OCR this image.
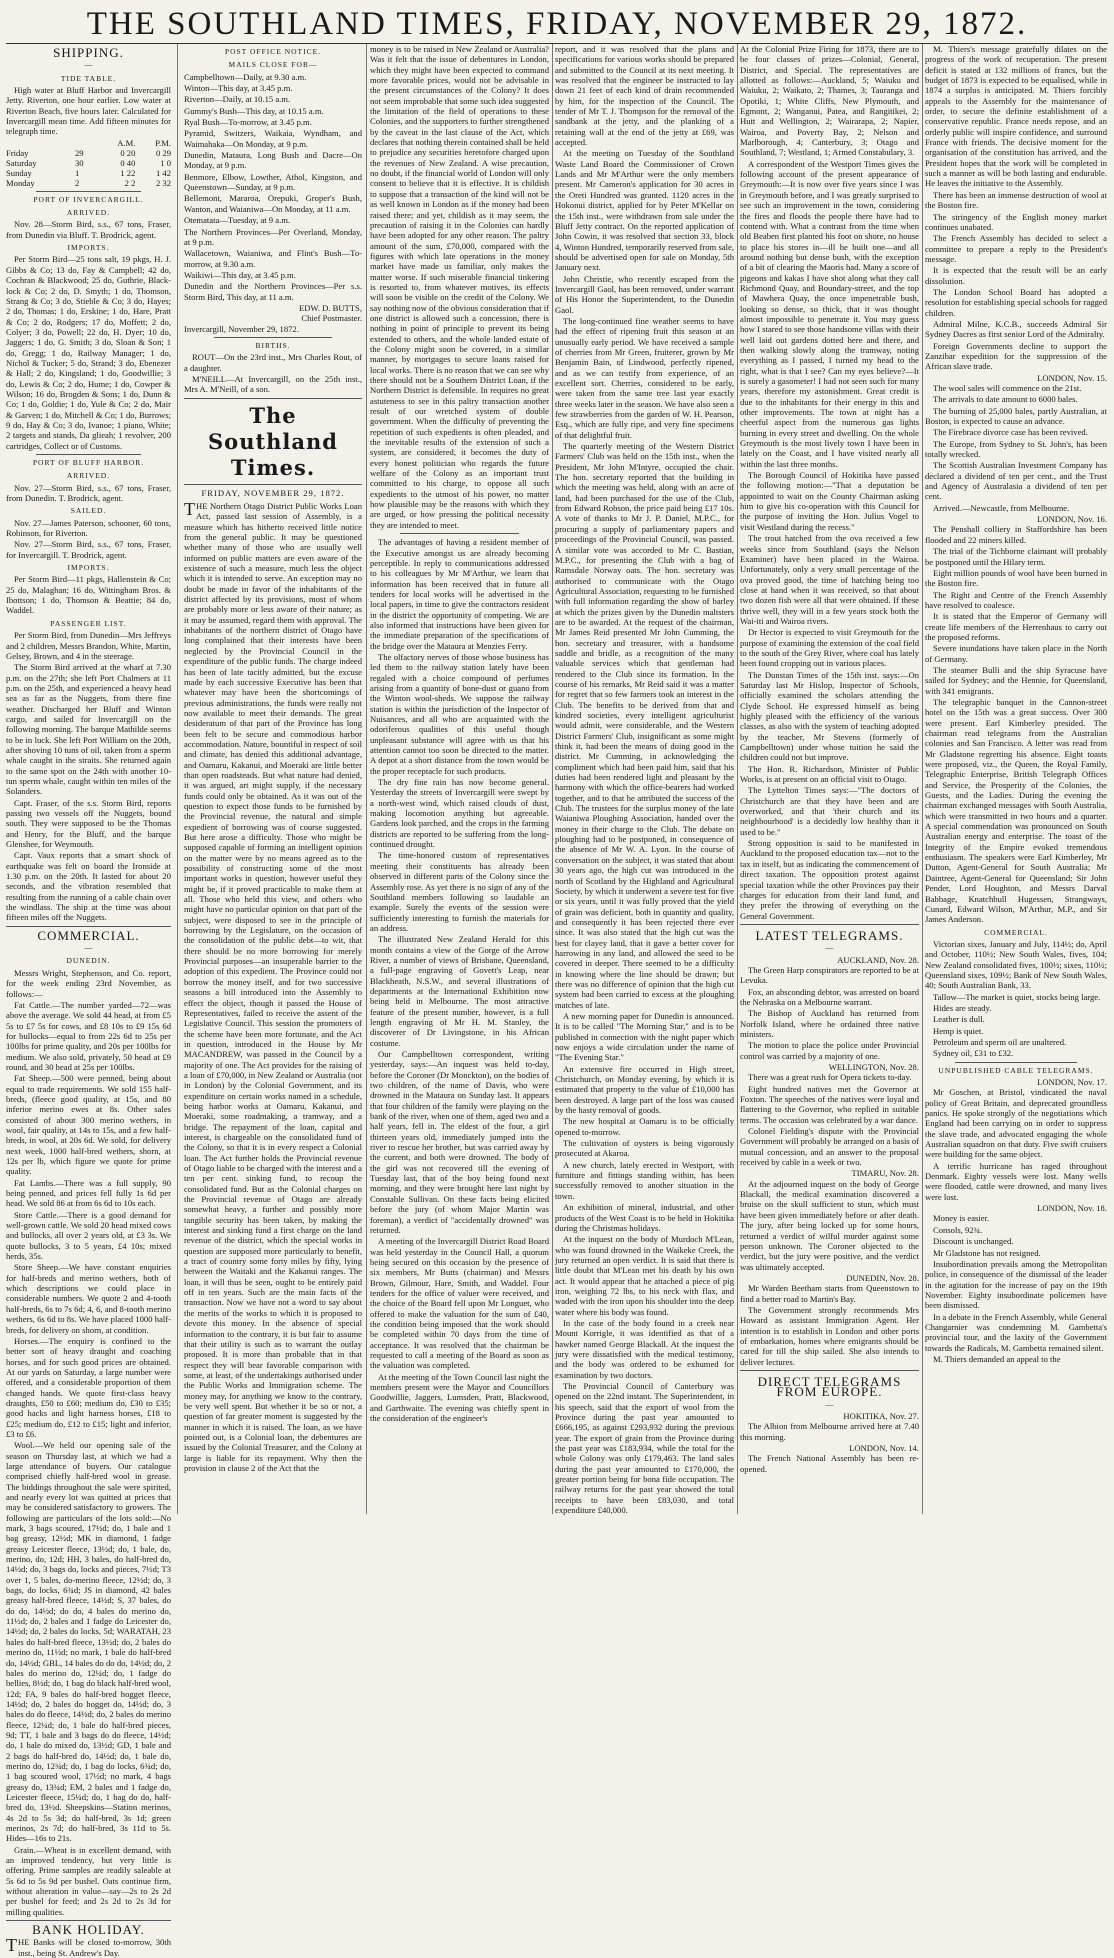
THE SOUTHLAND TIMES, FRIDAY, NOVEMBER 29, 1872.
SHIPPING.
—
TIDE TABLE.

High water at Bluff Harbor and Invercargill Jetty. Riverton, one hour earlier. Low water at Riverton Beach, five hours later. Calculated for Invercargill mean time. Add fifteen minutes for telegraph time.

		A.M.	P.M.
Friday	29	0 20	0 29
Saturday	30	0 40	1 0
Sunday	1	1 22	1 42
Monday	2	2 2	2 32
PORT OF INVERCARGILL.
ARRIVED.

Nov. 28—Storm Bird, s.s., 67 tons, Fraser, from Dunedin via Bluff. T. Brodrick, agent.

IMPORTS.

Per Storm Bird—25 tons salt, 19 pkgs, H. J. Gibbs & Co; 13 do, Fay & Campbell; 42 do, Cochran & Blackwood; 25 do, Guthrie, Black-lock & Co; 2 do, D. Smyth; 1 do, Thomson, Strang & Co; 3 do, Stieble & Co; 3 do, Hayes; 2 do, Thomas; 1 do, Erskine; 1 do, Hare, Pratt & Co; 2 do, Rodgers; 17 do, Moffett; 2 do, Colyer; 3 do, Powell; 22 do, H. Dyer; 10 do, Jaggers; 1 do, G. Smith; 3 do, Sloan & Son; 1 do, Gregg; 1 do, Railway Manager; 1 do, Nichol & Tucker; 5 do, Strand; 3 do, Ebenezer & Hall; 2 do, Kingsland; 1 do, Goodwillie; 3 do, Lewis & Co; 2 do, Hume; 1 do, Cowper & Wilson; 16 do, Brogden & Sons; 1 do, Dunn & Co; 1 do, Goldie; 1 do, Yule & Co; 2 do, Mair & Garven; 1 do, Mitchell & Co; 1 do, Burrows; 9 do, Hay & Co; 3 do, Ivanoe; 1 piano, White; 2 targets and stands, Da glieah; 1 revolver, 200 cartridges, Collect or of Customs.

PORT OF BLUFF HARBOR.
ARRIVED.

Nov. 27—Storm Bird, s.s., 67 tons, Fraser, from Dunedin. T. Brodrick, agent.

SAILED.

Nov. 27—James Paterson, schooner, 60 tons, Robinson, for Riverton.

Nov. 27—Storm Bird, s.s., 67 tons, Fraser, for Invercargill. T. Brodrick, agent.

IMPORTS.

Per Storm Bird—11 pkgs, Hallenstein & Co; 25 do, Malaghan; 16 do, Wittingham Bros. & Ibottson; 1 do, Thomson & Beattie; 84 do, Waddel.

PASSENGER LIST.

Per Storm Bird, from Dunedin—Mrs Jeffreys and 2 children, Messrs Brandon, White, Martin, Gelsey, Brown, and 4 in the steerage.

The Storm Bird arrived at the wharf at 7.30 p.m. on the 27th; she left Port Chalmers at 11 p.m. on the 25th, and experienced a heavy head sea as far as the Nuggets, from there fine weather. Discharged her Bluff and Winton cargo, and sailed for Invercargill on the following morning. The barque Mathilde seems to be in luck. She left Port William on the 20th, after shoving 10 tuns of oil, taken from a sperm whale caught in the straits. She returned again to the same spot on the 24th with another 10-tun sperm whale, caught within ten miles of the Solanders.

Capt. Fraser, of the s.s. Storm Bird, reports passing two vessels off the Nuggets, bound south. They were supposed to be the Thomas and Henry, for the Bluff, and the barque Glenshee, for Weymouth.

Capt. Vaux reports that a smart shock of earthquake was felt on board the Ironside at 1.30 p.m. on the 20th. It lasted for about 20 seconds, and the vibration resembled that resulting from the running of a cable chain over the windlass. The ship at the time was about fifteen miles off the Nuggets.

COMMERCIAL.
—
DUNEDIN.

Messrs Wright, Stephenson, and Co. report, for the week ending 23rd November, as follows:—

Fat Cattle.—The number yarded—72—was above the average. We sold 44 head, at from £5 5s to £7 5s for cows, and £8 10s to £9 15s 6d for bullocks—equal to from 22s 6d to 25s per 100lbs for prime quality, and 20s per 100lbs for medium. We also sold, privately, 50 head at £9 round, and 30 head at 25s per 100lbs.

Fat Sheep.—500 were penned, being about equal to trade requirements. We sold 155 half-breds, (fleece good quality, at 15s, and 80 inferior merino ewes at 8s. Other sales consisted of about 300 merino wethers, in wool, fair quality, at 14s to 15s, and a few half-breds, in wool, at 20s 6d. We sold, for delivery next week, 1000 half-bred wethers, shorn, at 12s per lb, which figure we quote for prime quality.

Fat Lambs.—There was a full supply, 90 being penned, and prices fell fully 1s 6d per head. We sold 86 at from 6s 6d to 10s each.

Store Cattle.—There is a good demand for well-grown cattle. We sold 20 head mixed cows and bullocks, all over 2 years old, at £3 3s. We quote bullocks, 3 to 5 years, £4 10s; mixed herds, 35s.

Store Sheep.—We have constant enquiries for half-breds and merino wethers, both of which descriptions we could place in considerable numbers. We quote 2 and 4-tooth half-breds, 6s to 7s 6d; 4, 6, and 8-tooth merino wethers, 6s 6d to 8s. We have placed 1000 half-breds, for delivery on shorn, at condition.

Horses.—The enquiry is confined to the better sort of heavy draught and coaching horses, and for such good prices are obtained. At our yards on Saturday, a large number were offered, and a considerable proportion of them changed hands. We quote first-class heavy draughts, £50 to £60; medium do, £30 to £35; good hacks and light harness horses, £18 to £25; medium do, £12 to £15; light and inferior, £3 to £6.

Wool.—We held our opening sale of the season on Thursday last, at which we had a large attendance of buyers. Our catalogue comprised chiefly half-bred wool in grease. The biddings throughout the sale were spirited, and nearly every lot was quitted at prices that may be considered satisfactory to growers. The following are particulars of the lots sold:—No mark, 3 bags scoured, 17½d; do, 1 bale and 1 bag greasy, 12½d; MK in diamond, 1 fadge greasy Leicester fleece, 13½d; do, 1 bale, do, merino, do, 12d; HH, 3 bales, do half-bred do, 14½d; do, 3 bags do, locks and pieces, 7½d; T3 over 1, 5 bales, do-merino fleece, 12½d; do, 3 bags, do locks, 6¾d; JS in diamond, 42 bales greasy half-bred fleece, 14½d; S, 37 bales, do do do, 14½d; do do, 4 bales do merino do, 11½d; do, 2 bales and 1 fadge do Leicester do, 14½d; do, 2 bales do locks, 5d; WARATAH, 23 bales do half-bred fleece, 13½d; do, 2 bales do merino do, 11½d; no mark, 1 bale do half-bred do, 14½d; GBL, 14 bales do do do, 14½d; do, 2 bales do merino do, 12¼d; do, 1 fadge do bellies, 8½d; do, 1 bag do black half-bred wool, 12d; FA, 9 bales do half-bred hogget fleece, 14½d; do, 2 bales do hogget do, 14½d; do, 3 bales do do fleece, 14½d; do, 2 bales do merino fleece, 12¼d; do, 1 bale do half-bred pieces, 9d; TT, 1 bale and 3 bags do do fleece, 14½d; do, 1 bale do mixed do, 13½d; GD, 1 bale and 2 bags do half-bred do, 14½d; do, 1 bale do, merino do, 12¾d; do, 1 bag do locks, 6¾d; do, 1 bag scoured wool, 17½d; no mark, 4 bags greasy do, 13¾d; EM, 2 bales and 1 fadge do, Leicester fleece, 15¼d; do, 1 bag do do, half-bred do, 13½d. Sheepskins—Station merinos, 4s 2d to 5s 3d; do half-bred, 3s 1d; green merinos, 2s 7d; do half-bred, 3s 11d to 5s. Hides—16s to 21s.

Grain.—Wheat is in excellent demand, with an improved tendency, but very little is offering. Prime samples are readily saleable at 5s 6d to 5s 9d per bushel. Oats continue firm, without alteration in value—say—2s to 2s 2d per bushel for feed; and 2s 2d to 2s 3d for milling qualities.

BANK HOLIDAY.

THE Banks will be closed to-morrow, 30th inst., being St. Andrew's Day.

POST OFFICE NOTICE.
MAILS CLOSE FOR—

Campbelltown—Daily, at 9.30 a.m.

Winton—This day, at 3.45 p.m.

Riverton—Daily, at 10.15 a.m.

Gummy's Bush—This day, at 10.15 a.m.

Ryal Bush—To-morrow, at 3.45 p.m.

Pyramid, Switzers, Waikaia, Wyndham, and Waimahaka—On Monday, at 9 p.m.

Dunedin, Mataura, Long Bush and Dacre—On Monday, at 9 p.m.

Benmore, Elbow, Lowther, Athol, Kingston, and Queenstown—Sunday, at 9 p.m.

Bellemont, Mararoa, Orepuki, Groper's Bush, Wanton, and Waianiwa—On Monday, at 11 a.m.

Otematata—Tuesday, at 9 a.m.

The Northern Provinces—Per Overland, Monday, at 9 p.m.

Wallacetown, Waianiwa, and Flint's Bush—To-morrow, at 9.30 a.m.

Waikiwi—This day, at 3.45 p.m.

Dunedin and the Northern Provinces—Per s.s. Storm Bird, This day, at 11 a.m.

EDW. D. BUTTS,
Chief Postmaster.
Invercargill, November 29, 1872.
BIRTHS.

ROUT—On the 23rd inst., Mrs Charles Rout, of a daughter.

M'NEILL—At Invercargill, on the 25th inst., Mrs A. M'Neill, of a son.

The Southland Times.
FRIDAY, NOVEMBER 29, 1872.

THE Northern Otago District Public Works Loan Act, passed last session of Assembly, is a measure which has hitherto received little notice from the general public. It may be questioned whether many of those who are usually well informed on public matters are even aware of the existence of such a measure, much less the object which it is intended to serve. An exception may no doubt be made in favor of the inhabitants of the district affected by its provisions, most of whom are probably more or less aware of their nature; as it may be assumed, regard them with approval. The inhabitants of the northern district of Otago have long complained that their interests have been neglected by the Provincial Council in the expenditure of the public funds. The charge indeed has been of late tacitly admitted, but the excuse made by each successive Executive has been that whatever may have been the shortcomings of previous administrations, the funds were really not now available to meet their demands. The great desideratum of that part of the Province has long been felt to be secure and commodious harbor accommodation. Nature, bountiful in respect of soil and climate, has denied this additional advantage, and Oamaru, Kakanui, and Moeraki are little better than open roadsteads. But what nature had denied, it was argued, art might supply, if the necessary funds could only be obtained. As it was out of the question to expect those funds to be furnished by the Provincial revenue, the natural and simple expedient of borrowing was of course suggested. But here arose a difficulty. Those who might be supposed capable of forming an intelligent opinion on the matter were by no means agreed as to the possibility of constructing some of the most important works in question, however useful they might be, if it proved practicable to make them at all. Those who held this view, and others who might have no particular opinion on that part of the subject, were disposed to see in the principle of borrowing by the Legislature, on the occasion of the consolidation of the public debt—to wit, that there should be no more borrowing for merely Provincial purposes—an insuperable barrier to the adoption of this expedient. The Province could not borrow the money itself, and for two successive seasons a bill introduced into the Assembly to effect the object, though it passed the House of Representatives, failed to receive the assent of the Legislative Council. This session the promoters of the scheme have been more fortunate, and the Act in question, introduced in the House by Mr MACANDREW, was passed in the Council by a majority of one. The Act provides for the raising of a loan of £70,000, in New Zealand or Australia (not in London) by the Colonial Government, and its expenditure on certain works named in a schedule, being harbor works at Oamaru, Kakanui, and Moeraki, some roadmaking, a tramway, and a bridge. The repayment of the loan, capital and interest, is chargeable on the consolidated fund of the Colony, so that it is in every respect a Colonial loan. The Act further holds the Provincial revenue of Otago liable to be charged with the interest and a ten per cent. sinking fund, to recoup the consolidated fund. But as the Colonial charges on the Provincial revenue of Otago are already somewhat heavy, a further and possibly more tangible security has been taken, by making the interest and sinking fund a first charge on the land revenue of the district, which the special works in question are supposed more particularly to benefit, a tract of country some forty miles by fifty, lying between the Waitaki and the Kakanui ranges. The loan, it will thus be seen, ought to be entirely paid off in ten years. Such are the main facts of the transaction. Now we have not a word to say about the merits of the works to which it is proposed to devote this money. In the absence of special information to the contrary, it is but fair to assume that their utility is such as to warrant the outlay proposed. It is more than probable that in that respect they will bear favorable comparison with some, at least, of the undertakings authorised under the Public Works and Immigration scheme. The money may, for anything we know to the contrary, be very well spent. But whether it be so or not, a question of far greater moment is suggested by the manner in which it is raised. The loan, as we have pointed out, is a Colonial loan, the debentures are issued by the Colonial Treasurer, and the Colony at large is liable for its repayment. Why then the provision in clause 2 of the Act that the

money is to be raised in New Zealand or Australia? Was it felt that the issue of debentures in London, which they might have been expected to command more favorable prices, would not be advisable in the present circumstances of the Colony? It does not seem improbable that some such idea suggested the limitation of the field of operations to these Colonies, and the supporters to further strengthened by the caveat in the last clause of the Act, which declares that nothing therein contained shall be held to prejudice any securities heretofore charged upon the revenues of New Zealand. A wise precaution, no doubt, if the financial world of London will only consent to believe that it is effective. It is childish to suppose that a transaction of the kind will not be as well known in London as if the money had been raised there; and yet, childish as it may seem, the precaution of raising it in the Colonies can hardly have been adopted for any other reason. The paltry amount of the sum, £70,000, compared with the figures with which late operations in the money market have made us familiar, only makes the matter worse. If such miserable financial tinkering is resorted to, from whatever motives, its effects will soon be visible on the credit of the Colony. We say nothing now of the obvious consideration that if one district is allowed such a concession, there is nothing in point of principle to prevent its being extended to others, and the whole landed estate of the Colony might soon be covered, in a similar manner, by mortgages to secure loans raised for local works. There is no reason that we can see why there should not be a Southern District Loan, if the Northern District is defensible. In requires no great astuteness to see in this paltry transaction another result of our wretched system of double government. When the difficulty of preventing the repetition of such expedients is often pleaded, and the inevitable results of the extension of such a system, are considered, it becomes the duty of every honest politician who regards the future welfare of the Colony as an important trust committed to his charge, to oppose all such expedients to the utmost of his power, no matter how plausible may be the reasons with which they are urged, or how pressing the political necessity they are intended to meet.

The advantages of having a resident member of the Executive amongst us are already becoming perceptible. In reply to communications addressed to his colleagues by Mr M'Arthur, we learn that information has been received that in future all tenders for local works will be advertised in the local papers, in time to give the contractors resident in the district the opportunity of competing. We are also informed that instructions have been given for the immediate preparation of the specifications of the bridge over the Mataura at Menzies Ferry.

The olfactory nerves of those whose business has led them to the railway station lately have been regaled with a choice compound of perfumes arising from a quantity of bone-dust or guano from the Winton wool-sheds. We suppose the railway station is within the jurisdiction of the Inspector of Nuisances, and all who are acquainted with the odoriferous qualities of this useful though unpleasant substance will agree with us that his attention cannot too soon be directed to the matter. A depot at a short distance from the town would be the proper receptacle for such products.

The dry fine rain has now become general. Yesterday the streets of Invercargill were swept by a north-west wind, which raised clouds of dust, making locomotion anything but agreeable. Gardens look parched, and the crops in the farming districts are reported to be suffering from the long-continued drought.

The time-honored custom of representatives meeting their constituents has already been observed in different parts of the Colony since the Assembly rose. As yet there is no sign of any of the Southland members following so laudable an example. Surely the events of the session were sufficiently interesting to furnish the materials for an address.

The illustrated New Zealand Herald for this month contains a view of the Gorge of the Arrow River, a number of views of Brisbane, Queensland, a full-page engraving of Govett's Leap, near Blackheath, N.S.W., and several illustrations of departments at the International Exhibition now being held in Melbourne. The most attractive feature of the present number, however, is a full length engraving of Mr H. M. Stanley, the discoverer of Dr Livingstone, in his African costume.

Our Campbelltown correspondent, writing yesterday, says:—An inquest was held to-day, before the Coroner (Dr Monckton), on the bodies of two children, of the name of Davis, who were drowned in the Mataura on Sunday last. It appears that four children of the family were playing on the bank of the river, when one of them, aged two and a half years, fell in. The eldest of the four, a girl thirteen years old, immediately jumped into the river to rescue her brother, but was carried away by the current, and both were drowned. The body of the girl was not recovered till the evening of Tuesday last, that of the boy being found next morning, and they were brought here last night by Constable Sullivan. On these facts being elicited before the jury (of whom Major Martin was foreman), a verdict of "accidentally drowned" was returned.

A meeting of the Invercargill District Road Board was held yesterday in the Council Hall, a quorum being secured on this occasion by the presence of six members, Mr Butts (chairman) and Messrs Brown, Gilmour, Hare, Smith, and Waddel. Four tenders for the office of valuer were received, and the choice of the Board fell upon Mr Longuet, who offered to make the valuation for the sum of £40, the condition being imposed that the work should be completed within 70 days from the time of acceptance. It was resolved that the chairman be requested to call a meeting of the Board as soon as the valuation was completed.

At the meeting of the Town Council last night the members present were the Mayor and Councillors Goodwillie, Jaggers, Lumsden, Pratt, Blackwood, and Garthwaite. The evening was chiefly spent in the consideration of the engineer's

report, and it was resolved that the plans and specifications for various works should be prepared and submitted to the Council at its next meeting. It was resolved that the engineer be instructed to lay down 21 feet of each kind of drain recommended by him, for the inspection of the Council. The tender of Mr T. J. Thompson for the removal of the sandbank at the jetty, and the planking of a retaining wall at the end of the jetty at £69, was accepted.

At the meeting on Tuesday of the Southland Waste Land Board the Commissioner of Crown Lands and Mr M'Arthur were the only members present. Mr Cameron's application for 30 acres in the Oreti Hundred was granted. 1120 acres in the Hokonui district, applied for by Peter M'Kellar on the 15th inst., were withdrawn from sale under the Bluff Jetty contract. On the reported application of John Cowin, it was resolved that section 33, block 4, Winton Hundred, temporarily reserved from sale, should be advertised open for sale on Monday, 5th January next.

John Christie, who recently escaped from the Invercargill Gaol, has been removed, under warrant of His Honor the Superintendent, to the Dunedin Gaol.

The long-continued fine weather seems to have had the effect of ripening fruit this season at an unusually early period. We have received a sample of cherries from Mr Green, fruiterer, grown by Mr Benjamin Bain, of Lindwood, perfectly ripened, and as we can testify from experience, of an excellent sort. Cherries, considered to be early, were taken from the same tree last year exactly three weeks later in the season. We have also seen a few strawberries from the garden of W. H. Pearson, Esq., which are fully ripe, and very fine specimens of that delightful fruit.

The quarterly meeting of the Western District Farmers' Club was held on the 15th inst., when the President, Mr John M'Intyre, occupied the chair. The hon. secretary reported that the building in which the meeting was held, along with an acre of land, had been purchased for the use of the Club, from Edward Robson, the price paid being £17 10s. A vote of thanks to Mr J. P. Daniel, M.P.C., for procuring a supply of parliamentary papers and proceedings of the Provincial Council, was passed. A similar vote was accorded to Mr C. Bastian, M.P.C., for presenting the Club with a bag of Ramsdale Norway oats. The hon. secretary was authorised to communicate with the Otago Agricultural Association, requesting to be furnished with full information regarding the show of barley at which the prizes given by the Dunedin maltsters are to be awarded. At the request of the chairman, Mr James Reid presented Mr John Cumming, the hon. secretary and treasurer, with a handsome saddle and bridle, as a recognition of the many valuable services which that gentleman had rendered to the Club since its formation. In the course of his remarks, Mr Reid said it was a matter for regret that so few farmers took an interest in the Club. The benefits to be derived from that and kindred societies, every intelligent agriculturist would admit, were considerable, and the Western District Farmers' Club, insignificant as some might think it, had been the means of doing good in the district. Mr Cumming, in acknowledging the compliment which had been paid him, said that his duties had been rendered light and pleasant by the harmony with which the office-bearers had worked together, and to that he attributed the success of the Club. The trustees for the surplus money of the late Waianiwa Ploughing Association, handed over the money in their charge to the Club. The debate on ploughing had to be postponed, in consequence of the absence of Mr W. A. Lyon. In the course of conversation on the subject, it was stated that about 30 years ago, the high cut was introduced in the north of Scotland by the Highland and Agricultural Society, by which it underwent a severe test for five or six years, until it was fully proved that the yield of grain was deficient, both in quantity and quality, and consequently it has been rejected there ever since. It was also stated that the high cut was the best for clayey land, that it gave a better cover for harrowing in any land, and allowed the seed to be covered in deeper. There seemed to be a difficulty in knowing where the line should be drawn; but there was no difference of opinion that the high cut system had been carried to excess at the ploughing matches of late.

A new morning paper for Dunedin is announced. It is to be called "The Morning Star," and is to be published in connection with the night paper which now enjoys a wide circulation under the name of "The Evening Star."

An extensive fire occurred in High street, Christchurch, on Monday evening, by which it is estimated that property to the value of £10,000 has been destroyed. A large part of the loss was caused by the hasty removal of goods.

The new hospital at Oamaru is to be officially opened to-morrow.

The cultivation of oysters is being vigorously prosecuted at Akaroa.

A new church, lately erected in Westport, with furniture and fittings standing within, has been successfully removed to another situation in the town.

An exhibition of mineral, industrial, and other products of the West Coast is to be held in Hokitika during the Christmas holidays.

At the inquest on the body of Murdoch M'Lean, who was found drowned in the Waikeke Creek, the jury returned an open verdict. It is said that there is little doubt that M'Lean met his death by his own act. It would appear that he attached a piece of pig iron, weighing 72 lbs, to his neck with flax, and waded with the iron upon his shoulder into the deep water where his body was found.

In the case of the body found in a creek near Mount Korrigle, it was identified as that of a hawker named George Blackall. At the inquest the jury were dissatisfied with the medical testimony, and the body was ordered to be exhumed for examination by two doctors.

The Provincial Council of Canterbury was opened on the 22nd instant. The Superintendent, in his speech, said that the export of wool from the Province during the past year amounted to £666,195, as against £293,932 during the previous year. The export of grain from the Province during the past year was £183,934, while the total for the whole Colony was only £179,463. The land sales during the past year amounted to £170,000, the greater portion being for bona fide occupation. The railway returns for the past year showed the total receipts to have been £83,030, and total expenditure £40,000.

At the Colonial Prize Firing for 1873, there are to be four classes of prizes—Colonial, General, District, and Special. The representatives are allotted as follows:—Auckland, 5; Waiuku and Waiuku, 2; Waikato, 2; Thames, 3; Tauranga and Opotiki, 1; White Cliffs, New Plymouth, and Egmont, 2; Wanganui, Patea, and Rangitikei, 2; Hutt and Wellington, 2; Wairarapa, 2; Napier, Wairoa, and Poverty Bay, 2; Nelson and Marlborough, 4; Canterbury, 3; Otago and Southland, 7; Westland, 1; Armed Constabulary, 3.

A correspondent of the Westport Times gives the following account of the present appearance of Greymouth:—It is now over five years since I was in Greymouth before, and I was greatly surprised to see such an improvement in the town, considering the fires and floods the people there have had to contend with. What a contrast from the time when old Beaben first planted his foot on shore, no house to place his stores in—ill he built one—and all around nothing but dense bush, with the exception of a bit of clearing the Maoris had. Many a score of pigeons and kakas I have shot along what they call Richmond Quay, and Boundary-street, and the top of Mawhera Quay, the once impenetrable bush, looking so dense, so thick, that it was thought almost impossible to penetrate it. You may guess how I stared to see those handsome villas with their well laid out gardens dotted here and there, and then walking slowly along the tramway, noting everything as I passed, I turned my head to the right, what is that I see? Can my eyes believe?—It is surely a gasometer! I had not seen such for many years, therefore my astonishment. Great credit is due to the inhabitants for their energy in this and other improvements. The town at night has a cheerful aspect from the numerous gas lights burning in every street and dwelling. On the whole Greymouth is the most lively town I have been in lately on the Coast, and I have visited nearly all within the last three months.

The Borough Council of Hokitika have passed the following motion:—"That a deputation be appointed to wait on the County Chairman asking him to give his co-operation with this Council for the purpose of inviting the Hon. Julius Vogel to visit Westland during the recess."

The trout hatched from the ova received a few weeks since from Southland (says the Nelson Examiner) have been placed in the Wairoa. Unfortunately, only a very small percentage of the ova proved good, the time of hatching being too close at hand when it was received, so that about two dozen fish were all that were obtained. If these thrive well, they will in a few years stock both the Wai-iti and Wairoa rivers.

Dr Hector is expected to visit Greymouth for the purpose of examining the extension of the coal field to the south of the Grey River, where coal has lately been found cropping out in various places.

The Dunstan Times of the 15th inst. says:—On Saturday last Mr Hislop, Inspector of Schools, officially examined the scholars attending the Clyde School. He expressed himself as being highly pleased with the efficiency of the various classes, as also with the system of teaching adopted by the teacher, Mr Stevens (formerly of Campbelltown) under whose tuition he said the children could not but improve.

The Hon. R. Richardson, Minister of Public Works, is at present on an official visit to Otago.

The Lyttelton Times says:—"The doctors of Christchurch are that they have been and are overworked, and that 'their church and its neighbourhood' is a decidedly low healthy than it used to be."

Strong opposition is said to be manifested in Auckland to the proposed education tax—not to the tax in itself, but as indicating the commencement of direct taxation. The opposition protest against special taxation while the other Provinces pay their charges for education from their land fund, and they prefer the throwing of everything on the General Government.

LATEST TELEGRAMS.
—
AUCKLAND, Nov. 28.

The Green Harp conspirators are reported to be at Levuka.

Fox, an absconding debtor, was arrested on board the Nebraska on a Melbourne warrant.

The Bishop of Auckland has returned from Norfolk Island, where he ordained three native ministers.

The motion to place the police under Provincial control was carried by a majority of one.

WELLINGTON, Nov. 28.

There was a great rush for Opera tickets to-day.

Eight hundred natives met the Governor at Foxton. The speeches of the natives were loyal and flattering to the Governor, who replied in suitable terms. The occasion was celebrated by a war dance.

Colonel Fielding's dispute with the Provincial Government will probably be arranged on a basis of mutual concession, and an answer to the proposal received by cable in a week or two.

TIMARU, Nov. 28.

At the adjourned inquest on the body of George Blackall, the medical examination discovered a bruise on the skull sufficient to stun, which must have been given immediately before or after death. The jury, after being locked up for some hours, returned a verdict of wilful murder against some person unknown. The Coroner objected to the verdict, but the jury were positive, and the verdict was ultimately accepted.

DUNEDIN, Nov. 28.

Mr Warden Beetham starts from Queenstown to find a better road to Martin's Bay.

The Government strongly recommends Mrs Howard as assistant Immigration Agent. Her intention is to establish in London and other ports of embarkation, homes where emigrants should be cared for till the ship sailed. She also intends to deliver lectures.

DIRECT TELEGRAMS FROM EUROPE.
—
HOKITIKA, Nov. 27.

The Albion from Melbourne arrived here at 7.40 this morning.

LONDON, Nov. 14.

The French National Assembly has been re-opened.

M. Thiers's message gratefully dilates on the progress of the work of recuperation. The present deficit is stated at 132 millions of francs, but the budget of 1873 is expected to be equalised, while in 1874 a surplus is anticipated. M. Thiers forcibly appeals to the Assembly for the maintenance of order, to secure the definite establishment of a conservative republic. France needs repose, and an orderly public will inspire confidence, and surround France with friends. The decisive moment for the organisation of the constitution has arrived, and the President hopes that the work will be completed in such a manner as will be both lasting and endurable. He leaves the initiative to the Assembly.

There has been an immense destruction of wool at the Boston fire.

The stringency of the English money market continues unabated.

The French Assembly has decided to select a committee to prepare a reply to the President's message.

It is expected that the result will be an early dissolution.

The London School Board has adopted a resolution for establishing special schools for ragged children.

Admiral Milne, K.C.B., succeeds Admiral Sir Sydney Dacres as first senior Lord of the Admiralty.

Foreign Governments decline to support the Zanzibar expedition for the suppression of the African slave trade.

LONDON, Nov. 15.

The wool sales will commence on the 21st.

The arrivals to date amount to 6000 bales.

The burning of 25,000 bales, partly Australian, at Boston, is expected to cause an advance.

The Firebrace divorce case has been revived.

The Europe, from Sydney to St. John's, has been totally wrecked.

The Scottish Australian Investment Company has declared a dividend of ten per cent., and the Trust and Agency of Australasia a dividend of ten per cent.

Arrived.—Newcastle, from Melbourne.

LONDON, Nov. 16.

The Penshall colliery in Staffordshire has been flooded and 22 miners killed.

The trial of the Tichborne claimant will probably be postponed until the Hilary term.

Eight million pounds of wool have been burned in the Boston fire.

The Right and Centre of the French Assembly have resolved to coalesce.

It is stated that the Emperor of Germany will create life members of the Herrenhaus to carry out the proposed reforms.

Severe inundations have taken place in the North of Germany.

The steamer Bulli and the ship Syracuse have sailed for Sydney; and the Hennie, for Queensland, with 341 emigrants.

The telegraphic banquet in the Cannon-street hotel on the 15th was a great success. Over 300 were present. Earl Kimberley presided. The chairman read telegrams from the Australian colonies and San Francisco. A letter was read from Mr Gladstone regretting his absence. Eight toasts were proposed, viz., the Queen, the Royal Family, Telegraphic Enterprise, British Telegraph Offices and Service, the Prosperity of the Colonies, the Guests, and the Ladies. During the evening the chairman exchanged messages with South Australia, which were transmitted in two hours and a quarter. A special commendation was pronounced on South Australian energy and enterprise. The toast of the Integrity of the Empire evoked tremendous enthusiasm. The speakers were Earl Kimberley, Mr Dutton, Agent-General for South Australia; Mr Daintree, Agent-General for Queensland; Sir John Pender, Lord Houghton, and Messrs Darval Babbage, Knatchbull Hugessen, Strangways, Cunard, Edward Wilson, M'Arthur, M.P., and Sir James Anderson.

COMMERCIAL.

Victorian sixes, January and July, 114½; do, April and October, 110½; New South Wales, fives, 104; New Zealand consolidated fives, 100½; sixes, 110½; Queensland sixes, 109½; Bank of New South Wales, 40; South Australian Bank, 33.

Tallow—The market is quiet, stocks being large.

Hides are steady.

Leather is dull.

Hemp is quiet.

Petroleum and sperm oil are unaltered.

Sydney oil, £31 to £32.

UNPUBLISHED CABLE TELEGRAMS.
LONDON, Nov. 17.

Mr Goschen, at Bristol, vindicated the naval policy of Great Britain, and deprecated groundless panics. He spoke strongly of the negotiations which England had been carrying on in order to suppress the slave trade, and advocated engaging the whole Australian squadron on that duty. Five swift cruisers were building for the same object.

A terrific hurricane has raged throughout Denmark. Eighty vessels were lost. Many wells were flooded, cattle were drowned, and many lives were lost.

LONDON, Nov. 18.

Money is easier.

Consols, 92¾.

Discount is unchanged.

Mr Gladstone has not resigned.

Insubordination prevails among the Metropolitan police, in consequence of the dismissal of the leader in the agitation for the increase of pay on the 19th November. Eighty insubordinate policemen have been dismissed.

In a debate in the French Assembly, while General Changarnier was condemning M. Gambetta's provincial tour, and the laxity of the Government towards the Radicals, M. Gambetta remained silent.

M. Thiers demanded an appeal to the
